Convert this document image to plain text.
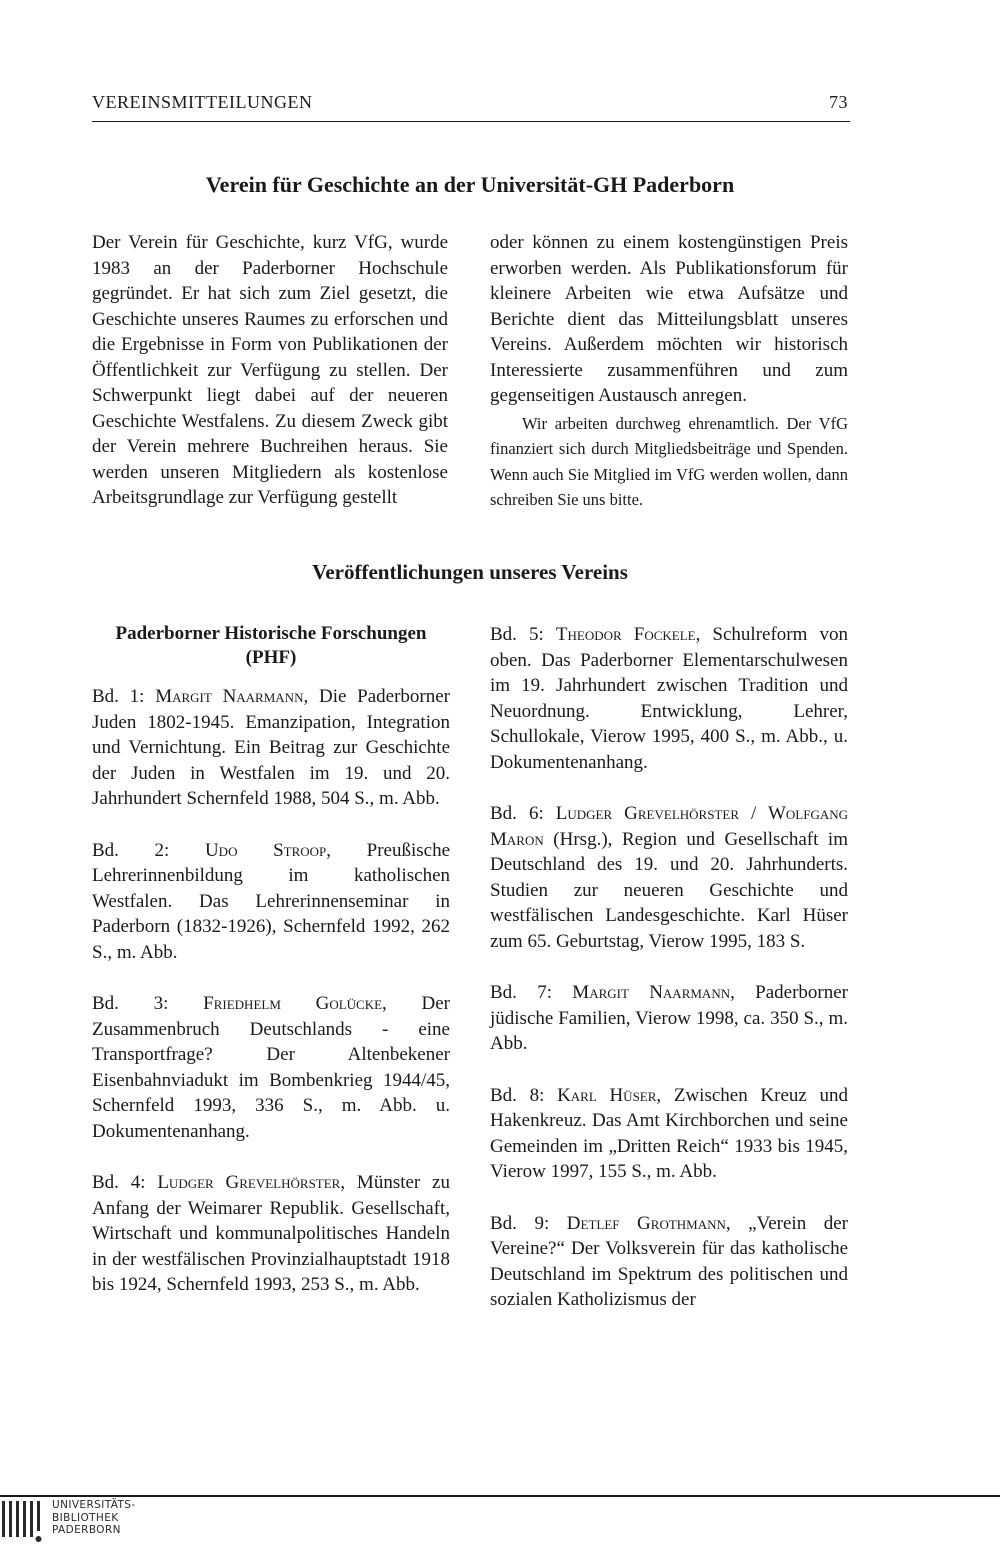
VEREINSMITTEILUNGEN	73
Verein für Geschichte an der Universität-GH Paderborn

Der Verein für Geschichte, kurz VfG, wurde 1983 an der Paderborner Hochschule gegründet. Er hat sich zum Ziel gesetzt, die Geschichte unseres Raumes zu erforschen und die Ergebnisse in Form von Publikationen der Öffentlichkeit zur Verfügung zu stellen. Der Schwerpunkt liegt dabei auf der neueren Geschichte Westfalens. Zu diesem Zweck gibt der Verein mehrere Buchreihen heraus. Sie werden unseren Mitgliedern als kostenlose Arbeitsgrundlage zur Verfügung gestellt

oder können zu einem kostengünstigen Preis erworben werden. Als Publikationsforum für kleinere Arbeiten wie etwa Aufsätze und Berichte dient das Mitteilungsblatt unseres Vereins. Außerdem möchten wir historisch Interessierte zusammenführen und zum gegenseitigen Austausch anregen.

Wir arbeiten durchweg ehrenamtlich. Der VfG finanziert sich durch Mitgliedsbeiträge und Spenden. Wenn auch Sie Mitglied im VfG werden wollen, dann schreiben Sie uns bitte.

Veröffentlichungen unseres Vereins

Paderborner Historische Forschungen (PHF)

Bd. 1: Margit Naarmann, Die Paderborner Juden 1802-1945. Emanzipation, Integration und Vernichtung. Ein Beitrag zur Geschichte der Juden in Westfalen im 19. und 20. Jahrhundert Schernfeld 1988, 504 S., m. Abb.

Bd. 2: Udo Stroop, Preußische Lehrerinnenbildung im katholischen Westfalen. Das Lehrerinnenseminar in Paderborn (1832-1926), Schernfeld 1992, 262 S., m. Abb.

Bd. 3: Friedhelm Golücke, Der Zusammenbruch Deutschlands - eine Transportfrage? Der Altenbekener Eisenbahnviadukt im Bombenkrieg 1944/45, Schernfeld 1993, 336 S., m. Abb. u. Dokumentenanhang.

Bd. 4: Ludger Grevelhörster, Münster zu Anfang der Weimarer Republik. Gesellschaft, Wirtschaft und kommunalpolitisches Handeln in der westfälischen Provinzialhauptstadt 1918 bis 1924, Schernfeld 1993, 253 S., m. Abb.

Bd. 5: Theodor Fockele, Schulreform von oben. Das Paderborner Elementarschulwesen im 19. Jahrhundert zwischen Tradition und Neuordnung. Entwicklung, Lehrer, Schullokale, Vierow 1995, 400 S., m. Abb., u. Dokumentenanhang.

Bd. 6: Ludger Grevelhörster / Wolfgang Maron (Hrsg.), Region und Gesellschaft im Deutschland des 19. und 20. Jahrhunderts. Studien zur neueren Geschichte und westfälischen Landesgeschichte. Karl Hüser zum 65. Geburtstag, Vierow 1995, 183 S.

Bd. 7: Margit Naarmann, Paderborner jüdische Familien, Vierow 1998, ca. 350 S., m. Abb.

Bd. 8: Karl Hüser, Zwischen Kreuz und Hakenkreuz. Das Amt Kirchborchen und seine Gemeinden im „Dritten Reich“ 1933 bis 1945, Vierow 1997, 155 S., m. Abb.

Bd. 9: Detlef Grothmann, „Verein der Vereine?“ Der Volksverein für das katholische Deutschland im Spektrum des politischen und sozialen Katholizismus der

UNIVERSITÄTS-
BIBLIOTHEK
PADERBORN
